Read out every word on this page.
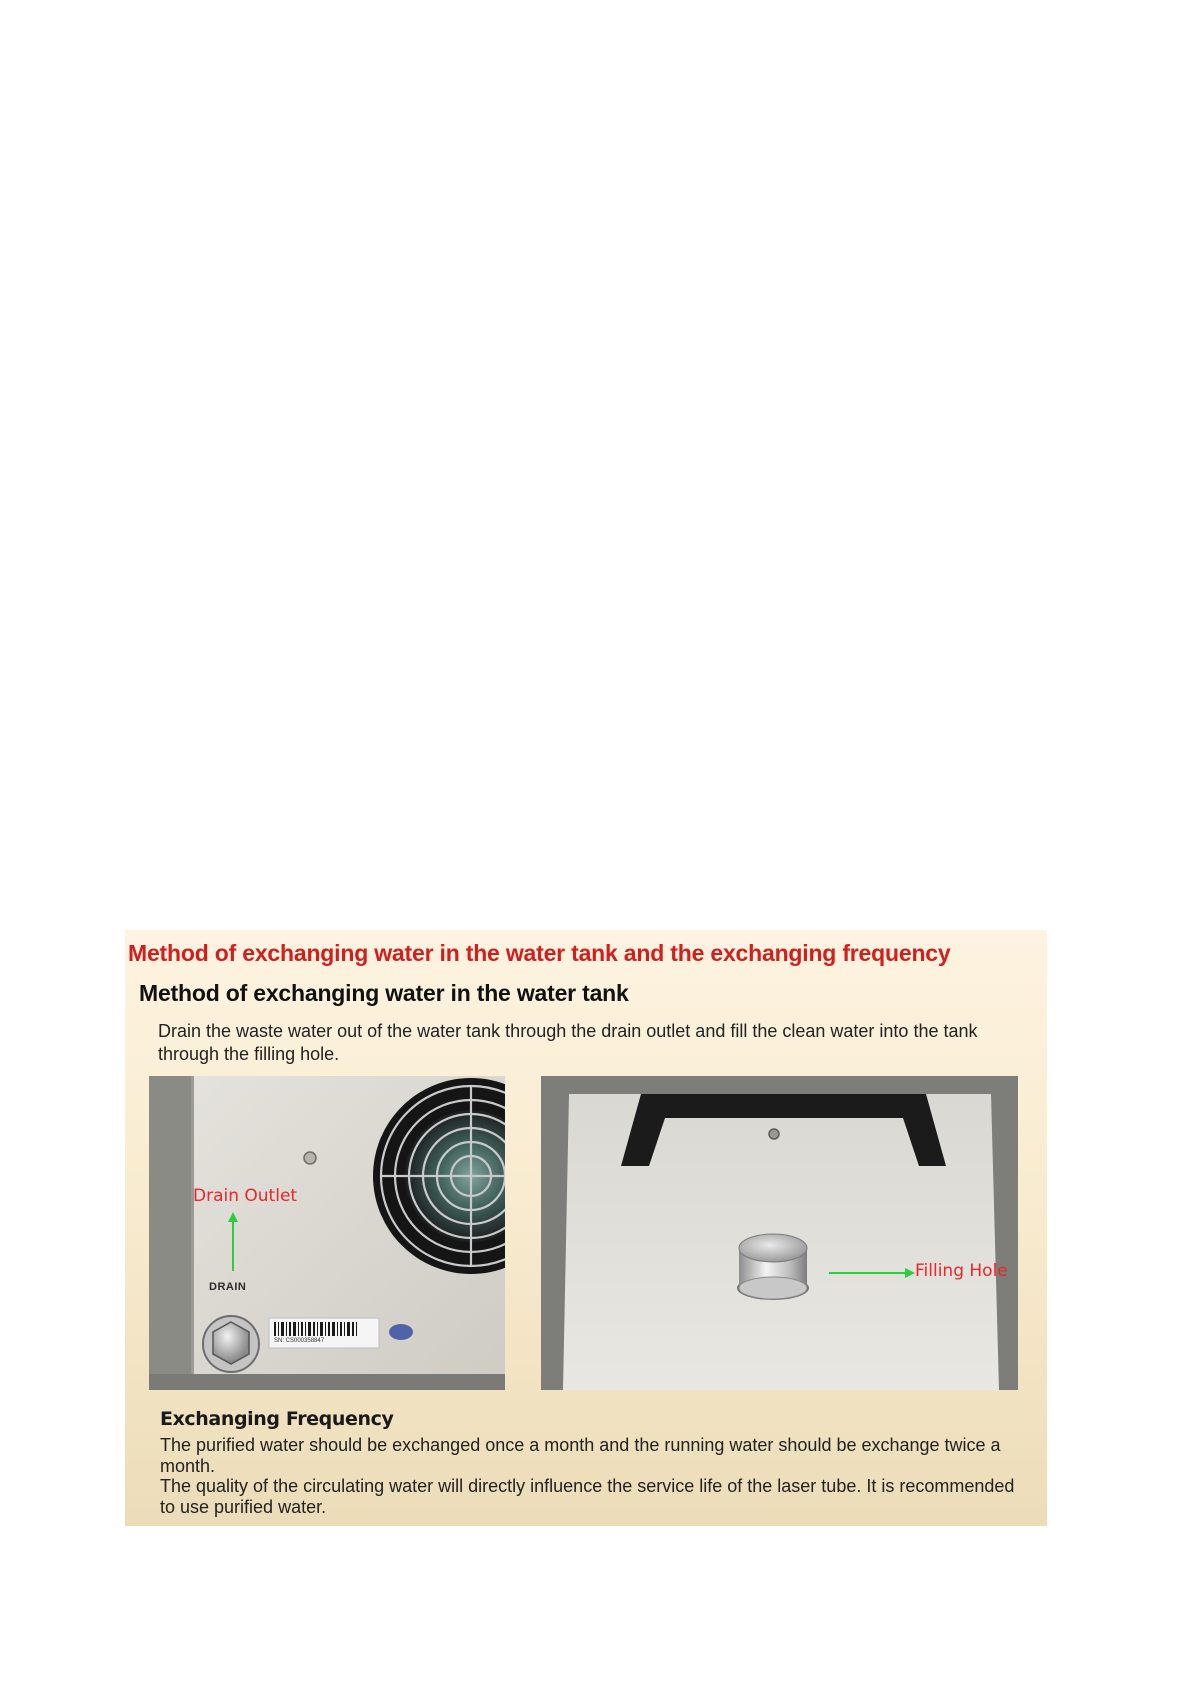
Method of exchanging water in the water tank and the exchanging frequency
Method of exchanging water in the water tank

Drain the waste water out of the water tank through the drain outlet and fill the clean water into the tank through the filling hole.

Drain Outlet
DRAIN
SN: CS000358847
Filling Hole
Exchanging Frequency

The purified water should be exchanged once a month and the running water should be exchange twice a month.

The quality of the circulating water will directly influence the service life of the laser tube. It is recommended to use purified water.
